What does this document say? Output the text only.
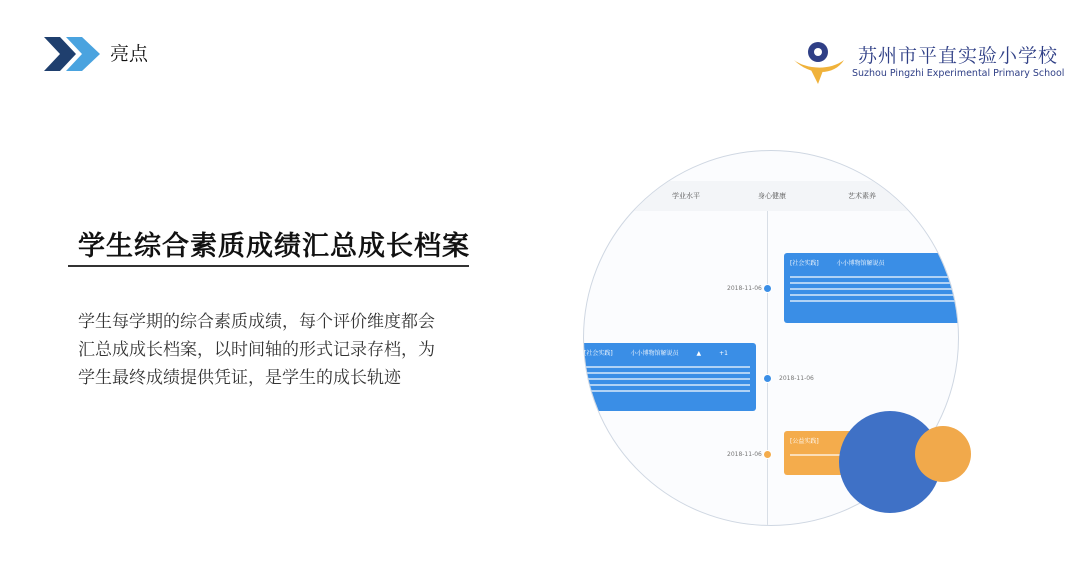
亮点	苏州市平直实验小学校
Suzhou Pingzhi Experimental Primary School
学生综合素质成绩汇总成长档案
学生每学期的综合素质成绩，每个评价维度都会
汇总成成长档案，以时间轴的形式记录存档，为
学生最终成绩提供凭证，是学生的成长轨迹
学业水平	身心健康	艺术素养
2018-11-06
[社会实践]	小小博物馆解说员
2018-11-06
[社会实践]	小小博物馆解说员	▲	+1
2018-11-06
[公益实践]
